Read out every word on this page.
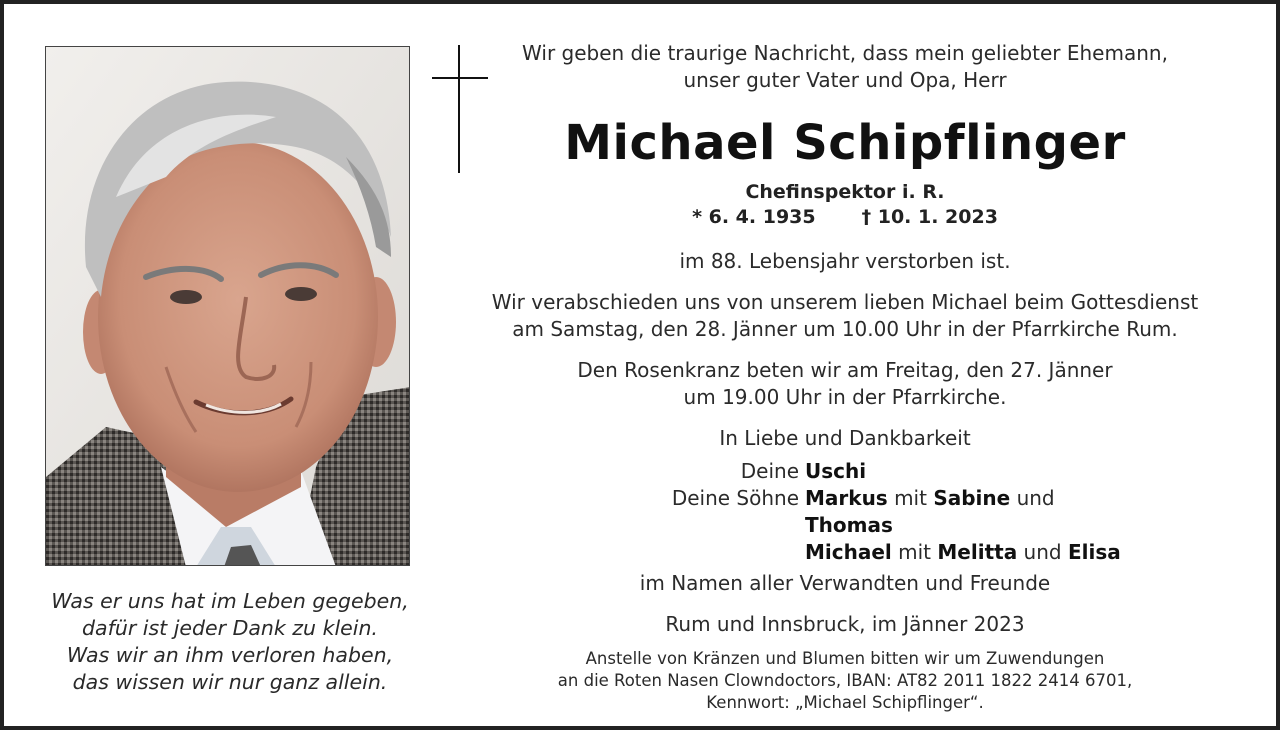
Was er uns hat im Leben gegeben,
dafür ist jeder Dank zu klein.
Was wir an ihm verloren haben,
das wissen wir nur ganz allein.
Wir geben die traurige Nachricht, dass mein geliebter Ehemann,
unser guter Vater und Opa, Herr
Michael Schipflinger
Chefinspektor i. R.
* 6. 4. 1935 † 10. 1. 2023
im 88. Lebensjahr verstorben ist.
Wir verabschieden uns von unserem lieben Michael beim Gottesdienst
am Samstag, den 28. Jänner um 10.00 Uhr in der Pfarrkirche Rum.
Den Rosenkranz beten wir am Freitag, den 27. Jänner
um 19.00 Uhr in der Pfarrkirche.
In Liebe und Dankbarkeit
Deine Uschi
Deine Söhne Markus mit Sabine und Thomas
Michael mit Melitta und Elisa
im Namen aller Verwandten und Freunde
Rum und Innsbruck, im Jänner 2023
Anstelle von Kränzen und Blumen bitten wir um Zuwendungen
an die Roten Nasen Clowndoctors, IBAN: AT82 2011 1822 2414 6701,
Kennwort: „Michael Schipflinger“.
